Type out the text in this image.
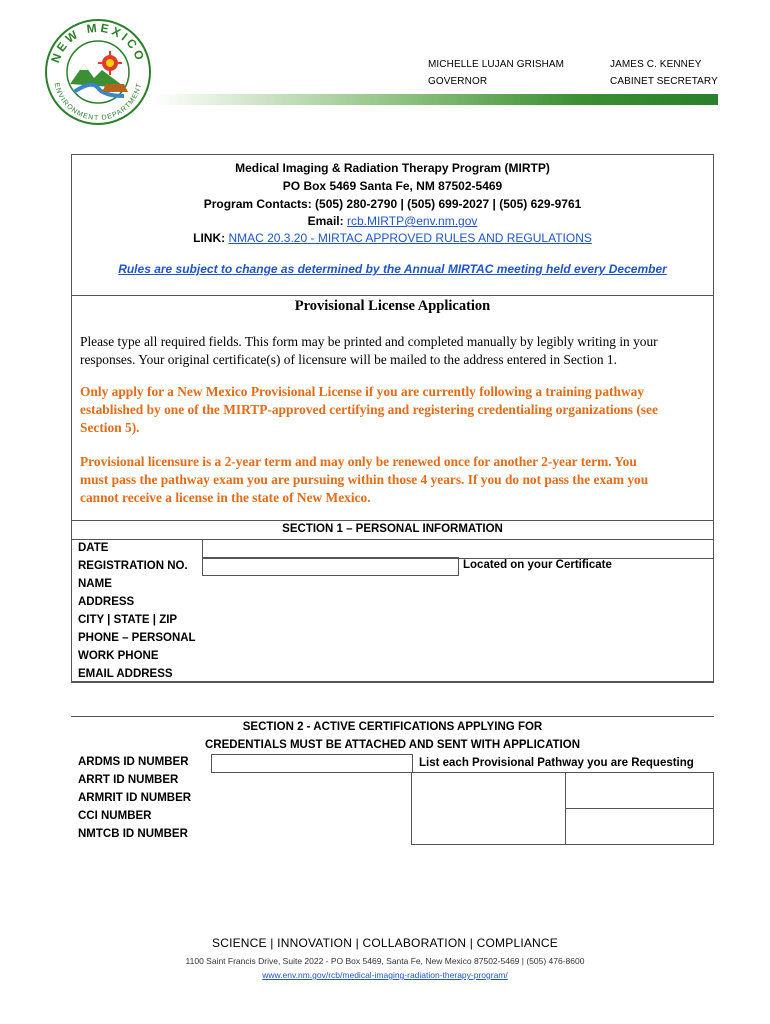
NEW MEXICO
ENVIRONMENT DEPARTMENT
MICHELLE LUJAN GRISHAM
GOVERNOR
JAMES C. KENNEY
CABINET SECRETARY
Medical Imaging & Radiation Therapy Program (MIRTP)
PO Box 5469 Santa Fe, NM 87502-5469
Program Contacts: (505) 280-2790 | (505) 699-2027 | (505) 629-9761
Email: rcb.MIRTP@env.nm.gov
LINK: NMAC 20.3.20 - MIRTAC APPROVED RULES AND REGULATIONS
Rules are subject to change as determined by the Annual MIRTAC meeting held every December
Provisional License Application
Please type all required fields. This form may be printed and completed manually by legibly writing in your
responses. Your original certificate(s) of licensure will be mailed to the address entered in Section 1.
Only apply for a New Mexico Provisional License if you are currently following a training pathway
established by one of the MIRTP-approved certifying and registering credentialing organizations (see
Section 5).
Provisional licensure is a 2-year term and may only be renewed once for another 2-year term. You
must pass the pathway exam you are pursuing within those 4 years. If you do not pass the exam you
cannot receive a license in the state of New Mexico.
SECTION 1 – PERSONAL INFORMATION
DATE
REGISTRATION NO.
NAME
ADDRESS
CITY | STATE | ZIP
PHONE – PERSONAL
WORK PHONE
EMAIL ADDRESS
Located on your Certificate
SECTION 2 - ACTIVE CERTIFICATIONS APPLYING FOR
CREDENTIALS MUST BE ATTACHED AND SENT WITH APPLICATION
ARDMS ID NUMBER
ARRT ID NUMBER
ARMRIT ID NUMBER
CCI NUMBER
NMTCB ID NUMBER
List each Provisional Pathway you are Requesting
SCIENCE | INNOVATION | COLLABORATION | COMPLIANCE
1100 Saint Francis Drive, Suite 2022 - PO Box 5469, Santa Fe, New Mexico 87502-5469 | (505) 476-8600
www.env.nm.gov/rcb/medical-imaging-radiation-therapy-program/
